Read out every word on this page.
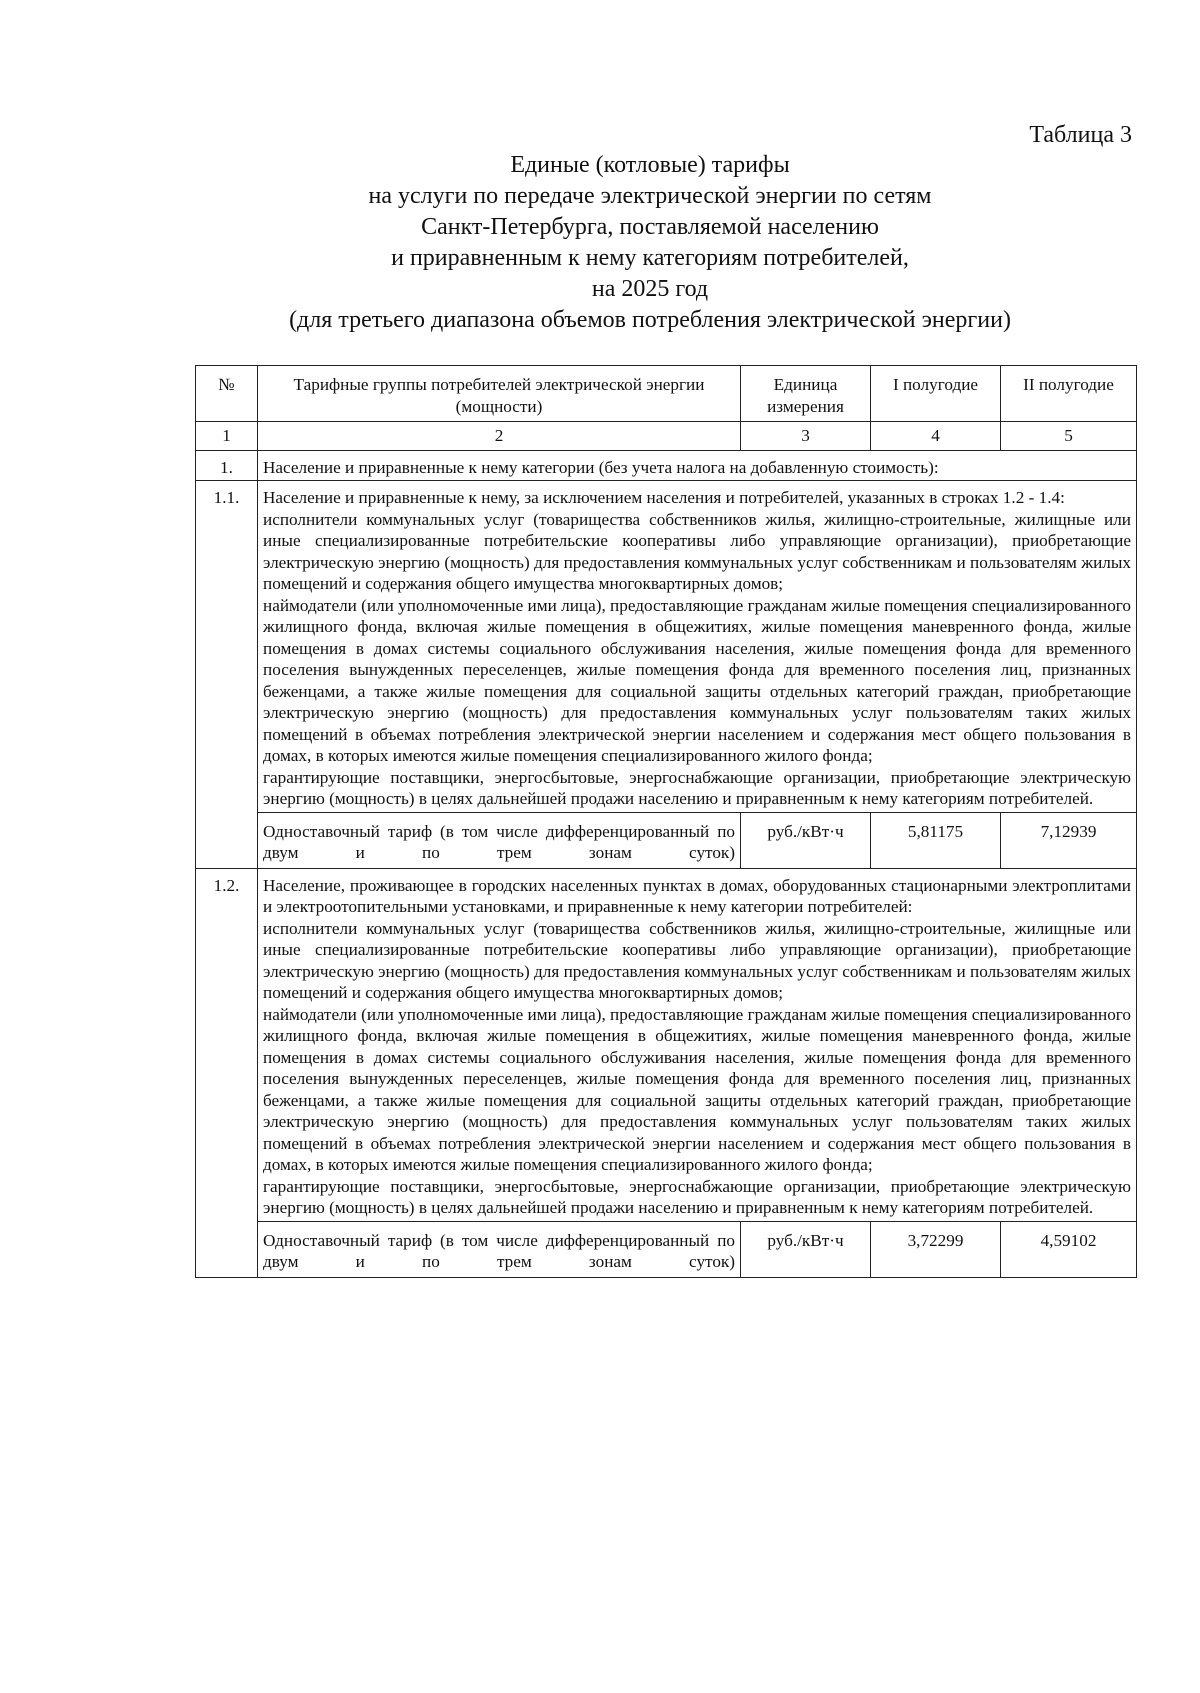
Таблица 3
Единые (котловые) тарифы
на услуги по передаче электрической энергии по сетям
Санкт-Петербурга, поставляемой населению
и приравненным к нему категориям потребителей,
на 2025 год
(для третьего диапазона объемов потребления электрической энергии)
№	Тарифные группы потребителей электрической энергии (мощности)	Единица измерения	I полугодие	II полугодие
1	2	3	4	5
1.	Население и приравненные к нему категории (без учета налога на добавленную стоимость):			
1.1.	Население и приравненные к нему, за исключением населения и потребителей, указанных в строках 1.2 - 1.4:
исполнители коммунальных услуг (товарищества собственников жилья, жилищно-строительные, жилищные или иные специализированные потребительские кооперативы либо управляющие организации), приобретающие электрическую энергию (мощность) для предоставления коммунальных услуг собственникам и пользователям жилых помещений и содержания общего имущества многоквартирных домов;
наймодатели (или уполномоченные ими лица), предоставляющие гражданам жилые помещения специализированного жилищного фонда, включая жилые помещения в общежитиях, жилые помещения маневренного фонда, жилые помещения в домах системы социального обслуживания населения, жилые помещения фонда для временного поселения вынужденных переселенцев, жилые помещения фонда для временного поселения лиц, признанных беженцами, а также жилые помещения для социальной защиты отдельных категорий граждан, приобретающие электрическую энергию (мощность) для предоставления коммунальных услуг пользователям таких жилых помещений в объемах потребления электрической энергии населением и содержания мест общего пользования в домах, в которых имеются жилые помещения специализированного жилого фонда;
гарантирующие поставщики, энергосбытовые, энергоснабжающие организации, приобретающие электрическую энергию (мощность) в целях дальнейшей продажи населению и приравненным к нему категориям потребителей.			

	Одноставочный тариф (в том числе дифференцированный по двум и по трем зонам суток)	руб./кВт·ч	5,81175	7,12939
1.2.	Население, проживающее в городских населенных пунктах в домах, оборудованных стационарными электроплитами и электроотопительными установками, и приравненные к нему категории потребителей:
исполнители коммунальных услуг (товарищества собственников жилья, жилищно-строительные, жилищные или иные специализированные потребительские кооперативы либо управляющие организации), приобретающие электрическую энергию (мощность) для предоставления коммунальных услуг собственникам и пользователям жилых помещений и содержания общего имущества многоквартирных домов;
наймодатели (или уполномоченные ими лица), предоставляющие гражданам жилые помещения специализированного жилищного фонда, включая жилые помещения в общежитиях, жилые помещения маневренного фонда, жилые помещения в домах системы социального обслуживания населения, жилые помещения фонда для временного поселения вынужденных переселенцев, жилые помещения фонда для временного поселения лиц, признанных беженцами, а также жилые помещения для социальной защиты отдельных категорий граждан, приобретающие электрическую энергию (мощность) для предоставления коммунальных услуг пользователям таких жилых помещений в объемах потребления электрической энергии населением и содержания мест общего пользования в домах, в которых имеются жилые помещения специализированного жилого фонда;
гарантирующие поставщики, энергосбытовые, энергоснабжающие организации, приобретающие электрическую энергию (мощность) в целях дальнейшей продажи населению и приравненным к нему категориям потребителей.			

	Одноставочный тариф (в том числе дифференцированный по двум и по трем зонам суток)	руб./кВт·ч	3,72299	4,59102
